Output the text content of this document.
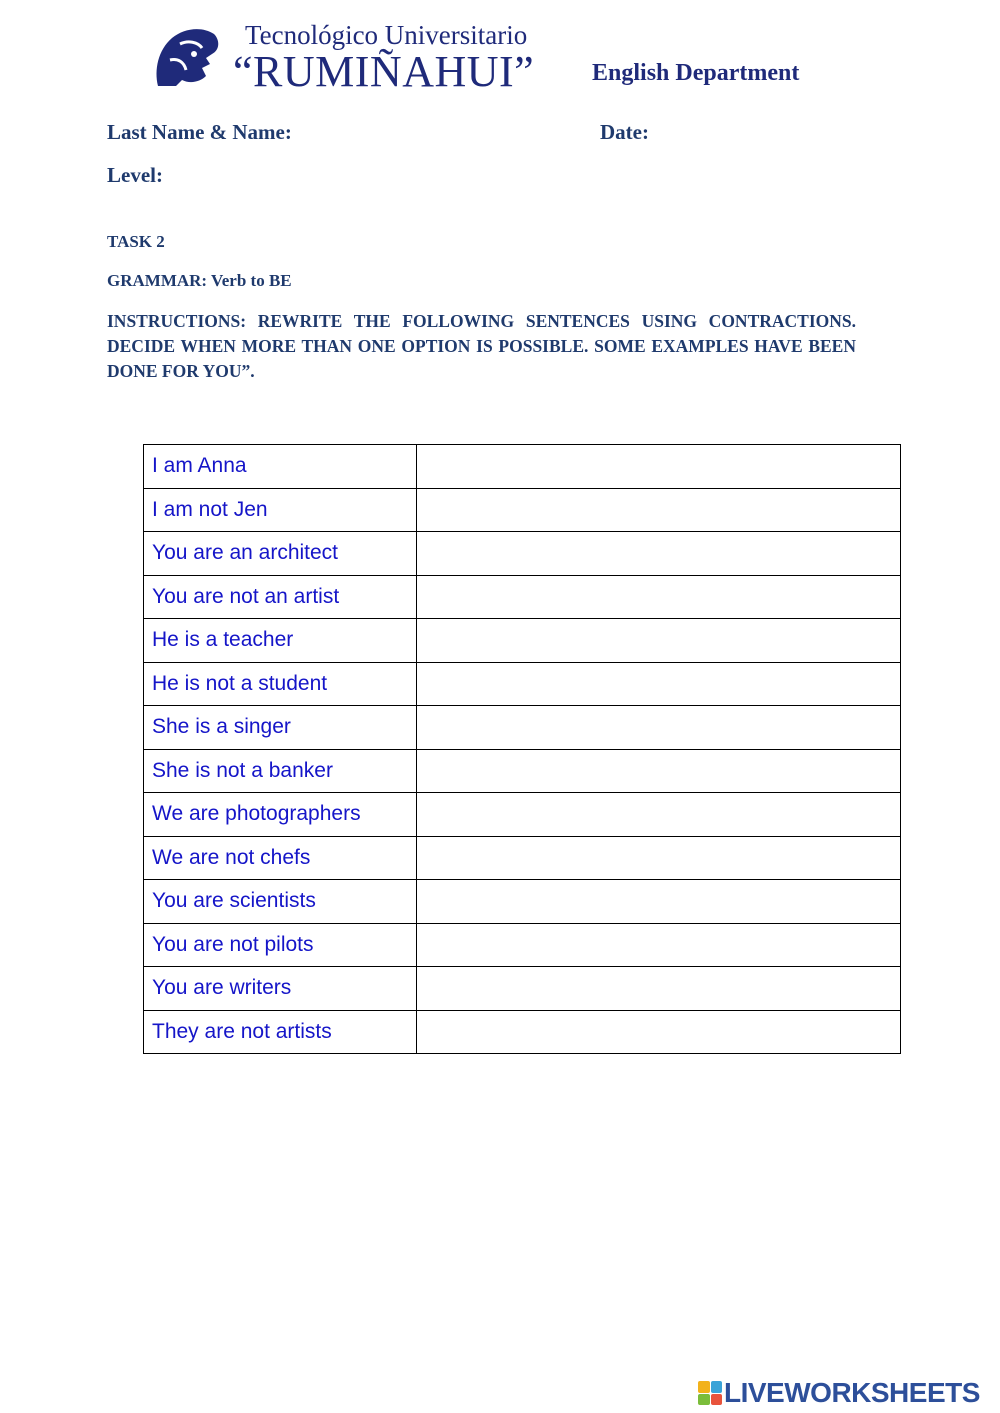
Tecnológico Universitario
“RUMIÑAHUI” English Department
Last Name & Name:	Date:
Level:
TASK 2
GRAMMAR: Verb to BE
INSTRUCTIONS: REWRITE THE FOLLOWING SENTENCES USING CONTRACTIONS. DECIDE WHEN MORE THAN ONE OPTION IS POSSIBLE. SOME EXAMPLES HAVE BEEN DONE FOR YOU”.
I am Anna	
I am not Jen	
You are an architect	
You are not an artist	
He is a teacher	
He is not a student	
She is a singer	
She is not a banker	
We are photographers	
We are not chefs	
You are scientists	
You are not pilots	
You are writers	
They are not artists	
LIVEWORKSHEETS
